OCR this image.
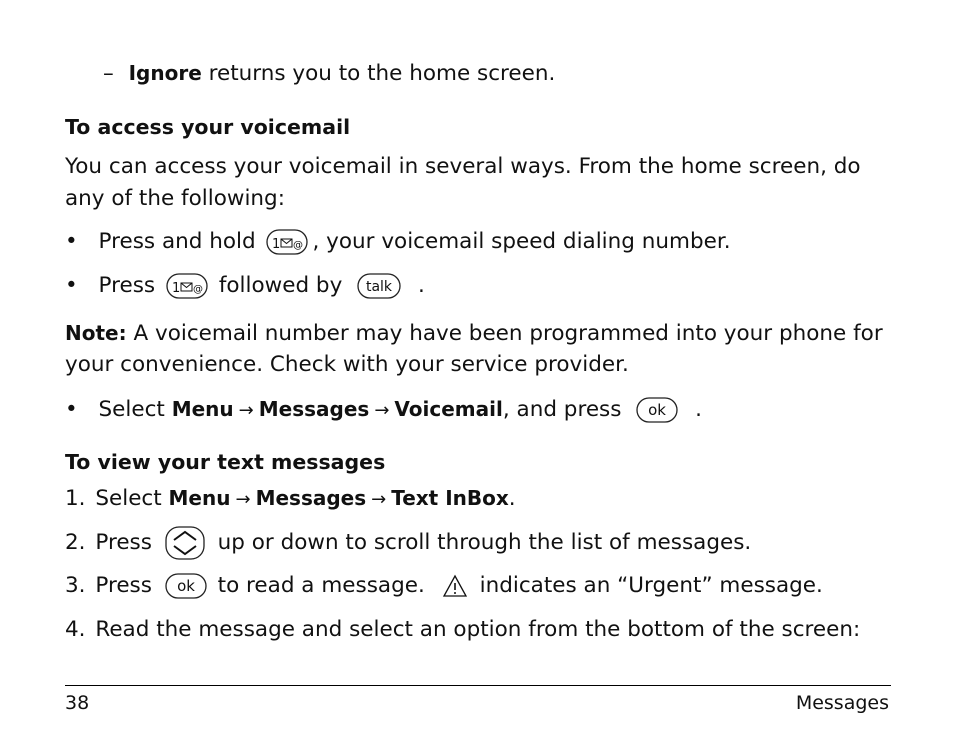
– Ignore returns you to the home screen.
To access your voicemail
You can access your voicemail in several ways. From the home screen, do
any of the following:
• Press and hold 1 @ , your voicemail speed dialing number.
• Press 1 @ followed by talk .
Note: A voicemail number may have been programmed into your phone for
your convenience. Check with your service provider.
• Select Menu → Messages → Voicemail, and press ok .
To view your text messages
1. Select Menu → Messages → Text InBox.
2. Press	up or down to scroll through the list of messages.
3. Press ok to read a message.	indicates an “Urgent” message.
4. Read the message and select an option from the bottom of the screen:
38	Messages
